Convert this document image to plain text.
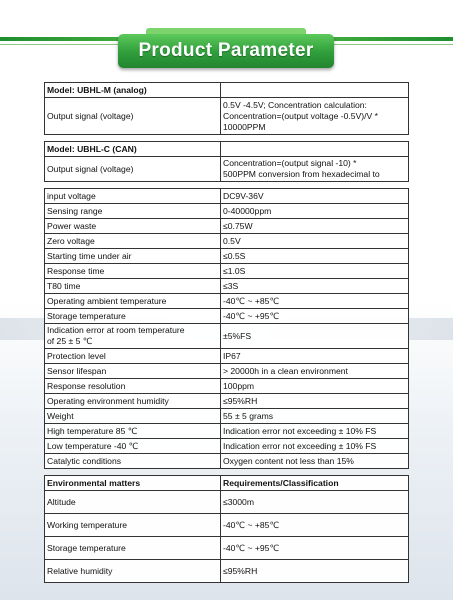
Product Parameter
Model: UBHL-M (analog)	
Output signal (voltage)	0.5V -4.5V; Concentration calculation:
Concentration=(output voltage -0.5V)/V *
10000PPM

Model: UBHL-C (CAN)	
Output signal (voltage)	Concentration=(output signal -10) *
500PPM conversion from hexadecimal to

input voltage	DC9V-36V
Sensing range	0-40000ppm
Power waste	≤0.75W
Zero voltage	0.5V
Starting time under air	≤0.5S
Response time	≤1.0S
T80 time	≤3S
Operating ambient temperature	-40℃ ~ +85℃
Storage temperature	-40℃ ~ +95℃

Indication error at room temperature
of 25 ± 5 ℃	±5%FS
Protection level	IP67
Sensor lifespan	> 20000h in a clean environment
Response resolution	100ppm
Operating environment humidity	≤95%RH
Weight	55 ± 5 grams
High temperature 85 ℃	Indication error not exceeding ± 10% FS
Low temperature -40 ℃	Indication error not exceeding ± 10% FS
Catalytic conditions	Oxygen content not less than 15%

Environmental matters	Requirements/Classification
Altitude	≤3000m
Working temperature	-40℃ ~ +85℃
Storage temperature	-40℃ ~ +95℃
Relative humidity	≤95%RH
